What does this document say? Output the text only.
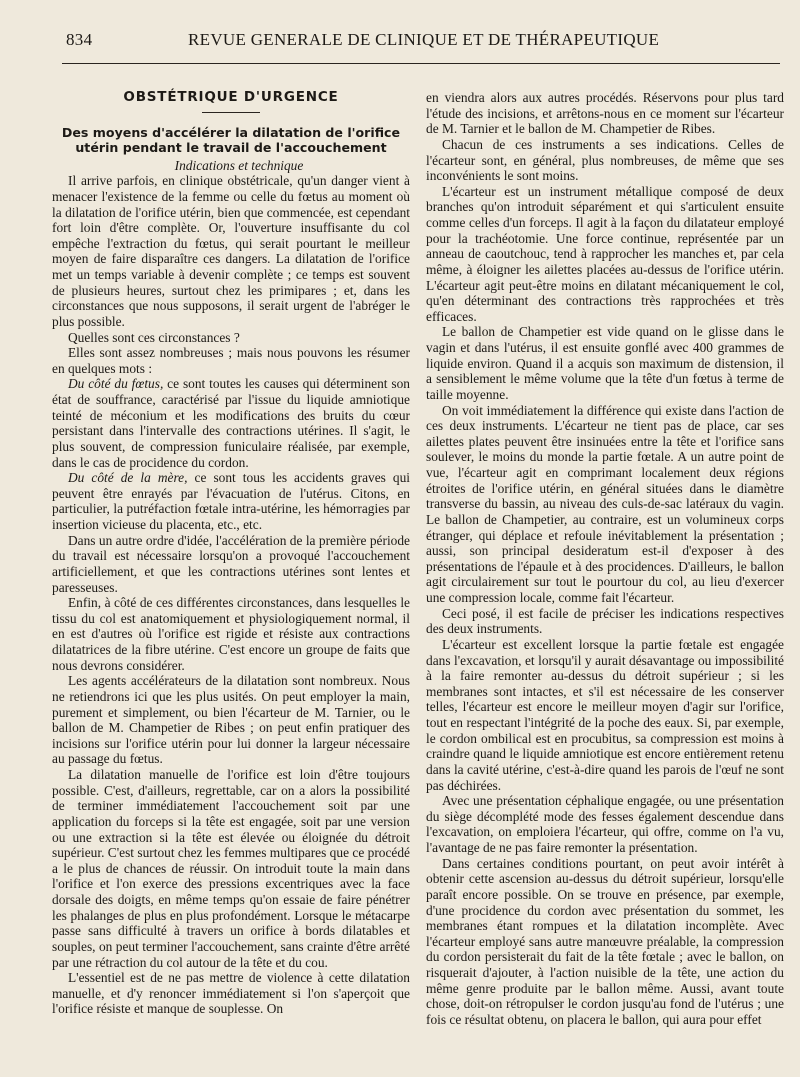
834	REVUE GENERALE DE CLINIQUE ET DE THÉRAPEUTIQUE
OBSTÉTRIQUE D'URGENCE
Des moyens d'accélérer la dilatation de l'orifice utérin pendant le travail de l'accouchement

Indications et technique

Il arrive parfois, en clinique obstétricale, qu'un danger vient à menacer l'existence de la femme ou celle du fœtus au moment où la dilatation de l'orifice utérin, bien que commencée, est cependant fort loin d'être complète. Or, l'ouverture insuffisante du col empêche l'extraction du fœtus, qui serait pourtant le meilleur moyen de faire disparaître ces dangers. La dilatation de l'orifice met un temps variable à devenir complète ; ce temps est souvent de plusieurs heures, surtout chez les primipares ; et, dans les circonstances que nous supposons, il serait urgent de l'abréger le plus possible.

Quelles sont ces circonstances ?

Elles sont assez nombreuses ; mais nous pouvons les résumer en quelques mots :

Du côté du fœtus, ce sont toutes les causes qui déterminent son état de souffrance, caractérisé par l'issue du liquide amniotique teinté de méconium et les modifications des bruits du cœur persistant dans l'intervalle des contractions utérines. Il s'agit, le plus souvent, de compression funiculaire réalisée, par exemple, dans le cas de procidence du cordon.

Du côté de la mère, ce sont tous les accidents graves qui peuvent être enrayés par l'évacuation de l'utérus. Citons, en particulier, la putréfaction fœtale intra-utérine, les hémorragies par insertion vicieuse du placenta, etc., etc.

Dans un autre ordre d'idée, l'accélération de la première période du travail est nécessaire lorsqu'on a provoqué l'accouchement artificiellement, et que les contractions utérines sont lentes et paresseuses.

Enfin, à côté de ces différentes circonstances, dans lesquelles le tissu du col est anatomiquement et physiologiquement normal, il en est d'autres où l'orifice est rigide et résiste aux contractions dilatatrices de la fibre utérine. C'est encore un groupe de faits que nous devrons considérer.

Les agents accélérateurs de la dilatation sont nombreux. Nous ne retiendrons ici que les plus usités. On peut employer la main, purement et simplement, ou bien l'écarteur de M. Tarnier, ou le ballon de M. Champetier de Ribes ; on peut enfin pratiquer des incisions sur l'orifice utérin pour lui donner la largeur nécessaire au passage du fœtus.

La dilatation manuelle de l'orifice est loin d'être toujours possible. C'est, d'ailleurs, regrettable, car on a alors la possibilité de terminer immédiatement l'accouchement soit par une application du forceps si la tête est engagée, soit par une version ou une extraction si la tête est élevée ou éloignée du détroit supérieur. C'est surtout chez les femmes multipares que ce procédé a le plus de chances de réussir. On introduit toute la main dans l'orifice et l'on exerce des pressions excentriques avec la face dorsale des doigts, en même temps qu'on essaie de faire pénétrer les phalanges de plus en plus profondément. Lorsque le métacarpe passe sans difficulté à travers un orifice à bords dilatables et souples, on peut terminer l'accouchement, sans crainte d'être arrêté par une rétraction du col autour de la tête et du cou.

L'essentiel est de ne pas mettre de violence à cette dilatation manuelle, et d'y renoncer immédiatement si l'on s'aperçoit que l'orifice résiste et manque de souplesse. On

en viendra alors aux autres procédés. Réservons pour plus tard l'étude des incisions, et arrêtons-nous en ce moment sur l'écarteur de M. Tarnier et le ballon de M. Champetier de Ribes.

Chacun de ces instruments a ses indications. Celles de l'écarteur sont, en général, plus nombreuses, de même que ses inconvénients le sont moins.

L'écarteur est un instrument métallique composé de deux branches qu'on introduit séparément et qui s'articulent ensuite comme celles d'un forceps. Il agit à la façon du dilatateur employé pour la trachéotomie. Une force continue, représentée par un anneau de caoutchouc, tend à rapprocher les manches et, par cela même, à éloigner les ailettes placées au-dessus de l'orifice utérin. L'écarteur agit peut-être moins en dilatant mécaniquement le col, qu'en déterminant des contractions très rapprochées et très efficaces.

Le ballon de Champetier est vide quand on le glisse dans le vagin et dans l'utérus, il est ensuite gonflé avec 400 grammes de liquide environ. Quand il a acquis son maximum de distension, il a sensiblement le même volume que la tête d'un fœtus à terme de taille moyenne.

On voit immédiatement la différence qui existe dans l'action de ces deux instruments. L'écarteur ne tient pas de place, car ses ailettes plates peuvent être insinuées entre la tête et l'orifice sans soulever, le moins du monde la partie fœtale. A un autre point de vue, l'écarteur agit en comprimant localement deux régions étroites de l'orifice utérin, en général situées dans le diamètre transverse du bassin, au niveau des culs-de-sac latéraux du vagin. Le ballon de Champetier, au contraire, est un volumineux corps étranger, qui déplace et refoule inévitablement la présentation ; aussi, son principal desideratum est-il d'exposer à des présentations de l'épaule et à des procidences. D'ailleurs, le ballon agit circulairement sur tout le pourtour du col, au lieu d'exercer une compression locale, comme fait l'écarteur.

Ceci posé, il est facile de préciser les indications respectives des deux instruments.

L'écarteur est excellent lorsque la partie fœtale est engagée dans l'excavation, et lorsqu'il y aurait désavantage ou impossibilité à la faire remonter au-dessus du détroit supérieur ; si les membranes sont intactes, et s'il est nécessaire de les conserver telles, l'écarteur est encore le meilleur moyen d'agir sur l'orifice, tout en respectant l'intégrité de la poche des eaux. Si, par exemple, le cordon ombilical est en procubitus, sa compression est moins à craindre quand le liquide amniotique est encore entièrement retenu dans la cavité utérine, c'est-à-dire quand les parois de l'œuf ne sont pas déchirées.

Avec une présentation céphalique engagée, ou une présentation du siège décomplété mode des fesses également descendue dans l'excavation, on emploiera l'écarteur, qui offre, comme on l'a vu, l'avantage de ne pas faire remonter la présentation.

Dans certaines conditions pourtant, on peut avoir intérêt à obtenir cette ascension au-dessus du détroit supérieur, lorsqu'elle paraît encore possible. On se trouve en présence, par exemple, d'une procidence du cordon avec présentation du sommet, les membranes étant rompues et la dilatation incomplète. Avec l'écarteur employé sans autre manœuvre préalable, la compression du cordon persisterait du fait de la tête fœtale ; avec le ballon, on risquerait d'ajouter, à l'action nuisible de la tête, une action du même genre produite par le ballon même. Aussi, avant toute chose, doit-on rétropulser le cordon jusqu'au fond de l'utérus ; une fois ce résultat obtenu, on placera le ballon, qui aura pour effet
